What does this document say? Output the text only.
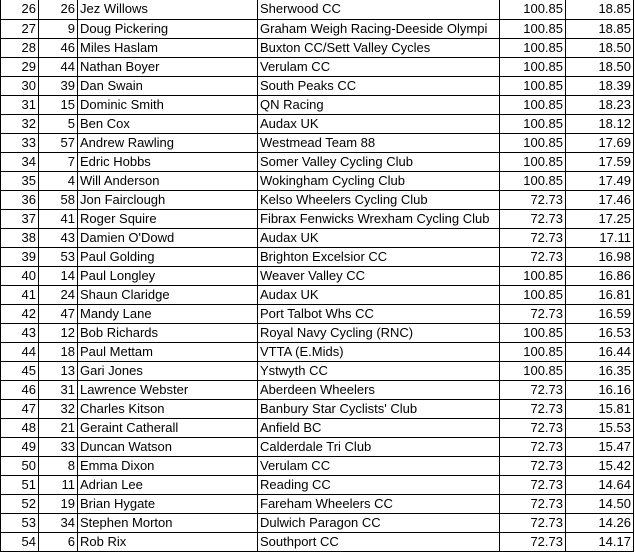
26	26	Jez Willows	Sherwood CC	100.85	18.85
27	9	Doug Pickering	Graham Weigh Racing-Deeside Olympi	100.85	18.85
28	46	Miles Haslam	Buxton CC/Sett Valley Cycles	100.85	18.50
29	44	Nathan Boyer	Verulam CC	100.85	18.50
30	39	Dan Swain	South Peaks CC	100.85	18.39
31	15	Dominic Smith	QN Racing	100.85	18.23
32	5	Ben Cox	Audax UK	100.85	18.12
33	57	Andrew Rawling	Westmead Team 88	100.85	17.69
34	7	Edric Hobbs	Somer Valley Cycling Club	100.85	17.59
35	4	Will Anderson	Wokingham Cycling Club	100.85	17.49
36	58	Jon Fairclough	Kelso Wheelers Cycling Club	72.73	17.46
37	41	Roger Squire	Fibrax Fenwicks Wrexham Cycling Club	72.73	17.25
38	43	Damien O'Dowd	Audax UK	72.73	17.11
39	53	Paul Golding	Brighton Excelsior CC	72.73	16.98
40	14	Paul Longley	Weaver Valley CC	100.85	16.86
41	24	Shaun Claridge	Audax UK	100.85	16.81
42	47	Mandy Lane	Port Talbot Whs CC	72.73	16.59
43	12	Bob Richards	Royal Navy Cycling (RNC)	100.85	16.53
44	18	Paul Mettam	VTTA (E.Mids)	100.85	16.44
45	13	Gari Jones	Ystwyth CC	100.85	16.35
46	31	Lawrence Webster	Aberdeen Wheelers	72.73	16.16
47	32	Charles Kitson	Banbury Star Cyclists' Club	72.73	15.81
48	21	Geraint Catherall	Anfield BC	72.73	15.53
49	33	Duncan Watson	Calderdale Tri Club	72.73	15.47
50	8	Emma Dixon	Verulam CC	72.73	15.42
51	11	Adrian Lee	Reading CC	72.73	14.64
52	19	Brian Hygate	Fareham Wheelers CC	72.73	14.50
53	34	Stephen Morton	Dulwich Paragon CC	72.73	14.26
54	6	Rob Rix	Southport CC	72.73	14.17
